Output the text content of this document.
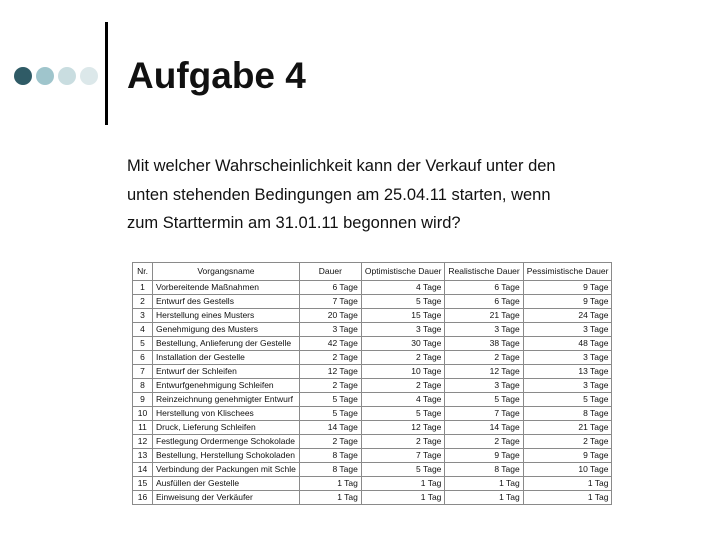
Aufgabe 4

Mit welcher Wahrscheinlichkeit kann der Verkauf unter den
unten stehenden Bedingungen am 25.04.11 starten, wenn
zum Starttermin am 31.01.11 begonnen wird?

Nr.	Vorgangsname	Dauer	Optimistische Dauer	Realistische Dauer	Pessimistische Dauer
1	Vorbereitende Maßnahmen	6 Tage	4 Tage	6 Tage	9 Tage
2	Entwurf des Gestells	7 Tage	5 Tage	6 Tage	9 Tage
3	Herstellung eines Musters	20 Tage	15 Tage	21 Tage	24 Tage
4	Genehmigung des Musters	3 Tage	3 Tage	3 Tage	3 Tage
5	Bestellung, Anlieferung der Gestelle	42 Tage	30 Tage	38 Tage	48 Tage
6	Installation der Gestelle	2 Tage	2 Tage	2 Tage	3 Tage
7	Entwurf der Schleifen	12 Tage	10 Tage	12 Tage	13 Tage
8	Entwurfgenehmigung Schleifen	2 Tage	2 Tage	3 Tage	3 Tage
9	Reinzeichnung genehmigter Entwurf	5 Tage	4 Tage	5 Tage	5 Tage
10	Herstellung von Klischees	5 Tage	5 Tage	7 Tage	8 Tage
11	Druck, Lieferung Schleifen	14 Tage	12 Tage	14 Tage	21 Tage
12	Festlegung Ordermenge Schokolade	2 Tage	2 Tage	2 Tage	2 Tage
13	Bestellung, Herstellung Schokoladen	8 Tage	7 Tage	9 Tage	9 Tage
14	Verbindung der Packungen mit Schle	8 Tage	5 Tage	8 Tage	10 Tage
15	Ausfüllen der Gestelle	1 Tag	1 Tag	1 Tag	1 Tag
16	Einweisung der Verkäufer	1 Tag	1 Tag	1 Tag	1 Tag
